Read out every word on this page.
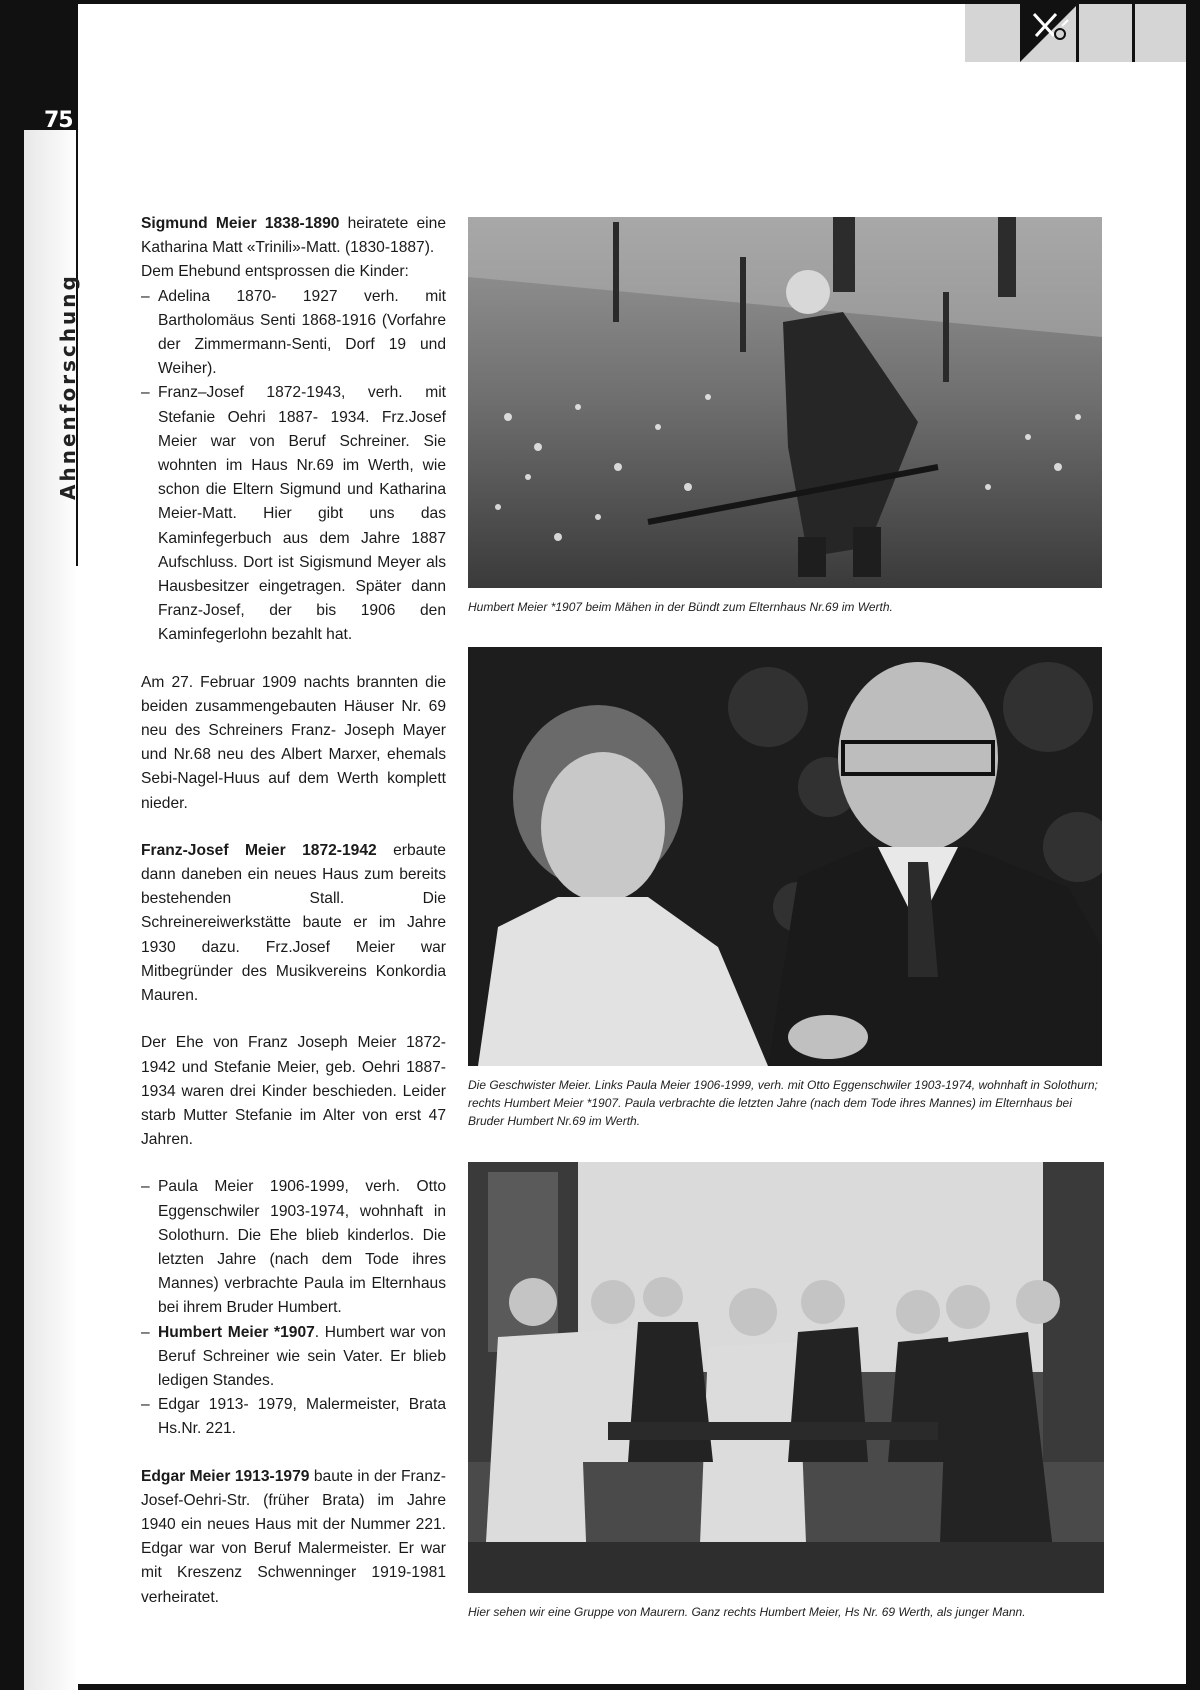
75
Ahnenforschung

Sigmund Meier 1838-1890 heiratete eine Katharina Matt «Trinili»-Matt. (1830-1887).

Dem Ehebund entsprossen die Kinder:

– Adelina 1870- 1927 verh. mit Bartholomäus Senti 1868-1916 (Vorfahre der Zimmermann-Senti, Dorf 19 und Weiher).
– Franz–Josef 1872-1943, verh. mit Stefanie Oehri 1887- 1934. Frz.Josef Meier war von Beruf Schreiner. Sie wohnten im Haus Nr.69 im Werth, wie schon die Eltern Sigmund und Katharina Meier-Matt. Hier gibt uns das Kaminfegerbuch aus dem Jahre 1887 Aufschluss. Dort ist Sigismund Meyer als Hausbesitzer eingetragen. Später dann Franz-Josef, der bis 1906 den Kaminfegerlohn bezahlt hat.

Am 27. Februar 1909 nachts brannten die beiden zusammengebauten Häuser Nr. 69 neu des Schreiners Franz- Joseph Mayer und Nr.68 neu des Albert Marxer, ehemals Sebi-Nagel-Huus auf dem Werth komplett nieder.

Franz-Josef Meier 1872-1942 erbaute dann daneben ein neues Haus zum bereits bestehenden Stall. Die Schreinereiwerkstätte baute er im Jahre 1930 dazu. Frz.Josef Meier war Mitbegründer des Musikvereins Konkordia Mauren.

Der Ehe von Franz Joseph Meier 1872-1942 und Stefanie Meier, geb. Oehri 1887-1934 waren drei Kinder beschieden. Leider starb Mutter Stefanie im Alter von erst 47 Jahren.

– Paula Meier 1906-1999, verh. Otto Eggenschwiler 1903-1974, wohnhaft in Solothurn. Die Ehe blieb kinderlos. Die letzten Jahre (nach dem Tode ihres Mannes) verbrachte Paula im Elternhaus bei ihrem Bruder Humbert.
– Humbert Meier *1907. Humbert war von Beruf Schreiner wie sein Vater. Er blieb ledigen Standes.
– Edgar 1913- 1979, Malermeister, Brata Hs.Nr. 221.

Edgar Meier 1913-1979 baute in der Franz-Josef-Oehri-Str. (früher Brata) im Jahre 1940 ein neues Haus mit der Nummer 221. Edgar war von Beruf Malermeister. Er war mit Kreszenz Schwenninger 1919-1981 verheiratet.

Humbert Meier *1907 beim Mähen in der Bündt zum Elternhaus Nr.69 im Werth.
Die Geschwister Meier. Links Paula Meier 1906-1999, verh. mit Otto Eggenschwiler 1903-1974, wohnhaft in Solothurn; rechts Humbert Meier *1907. Paula verbrachte die letzten Jahre (nach dem Tode ihres Mannes) im Elternhaus bei Bruder Humbert Nr.69 im Werth.
Hier sehen wir eine Gruppe von Maurern. Ganz rechts Humbert Meier, Hs Nr. 69 Werth, als junger Mann.
